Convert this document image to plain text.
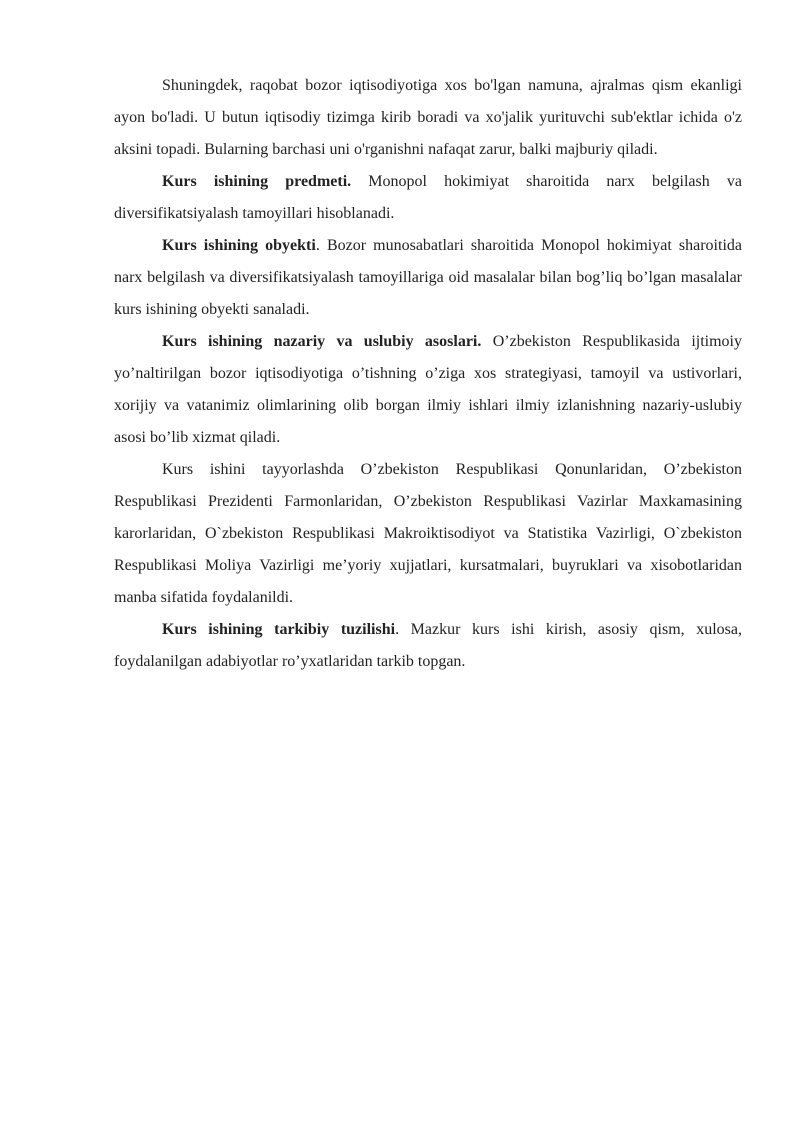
Shuningdek, raqobat bozor iqtisodiyotiga xos bo'lgan namuna, ajralmas qism ekanligi ayon bo'ladi. U butun iqtisodiy tizimga kirib boradi va xo'jalik yurituvchi sub'ektlar ichida o'z aksini topadi. Bularning barchasi uni o'rganishni nafaqat zarur, balki majburiy qiladi.

Kurs ishining predmeti. Monopol hokimiyat sharoitida narx belgilash va diversifikatsiyalash tamoyillari hisoblanadi.

Kurs ishining obyekti. Bozor munosabatlari sharoitida Monopol hokimiyat sharoitida narx belgilash va diversifikatsiyalash tamoyillariga oid masalalar bilan bog’liq bo’lgan masalalar kurs ishining obyekti sanaladi.

Kurs ishining nazariy va uslubiy asoslari. O’zbekiston Respublikasida ijtimoiy yo’naltirilgan bozor iqtisodiyotiga o’tishning o’ziga xos strategiyasi, tamoyil va ustivorlari, xorijiy va vatanimiz olimlarining olib borgan ilmiy ishlari ilmiy izlanishning nazariy-uslubiy asosi bo’lib xizmat qiladi.

Kurs ishini tayyorlashda O’zbekiston Respublikasi Qonunlaridan, O’zbekiston Respublikasi Prezidenti Farmonlaridan, O’zbekiston Respublikasi Vazirlar Maxkamasining karorlaridan, O`zbekiston Respublikasi Makroiktisodiyot va Statistika Vazirligi, O`zbekiston Respublikasi Moliya Vazirligi me’yoriy xujjatlari, kursatmalari, buyruklari va xisobotlaridan manba sifatida foydalanildi.

Kurs ishining tarkibiy tuzilishi. Mazkur kurs ishi kirish, asosiy qism, xulosa, foydalanilgan adabiyotlar ro’yxatlaridan tarkib topgan.
